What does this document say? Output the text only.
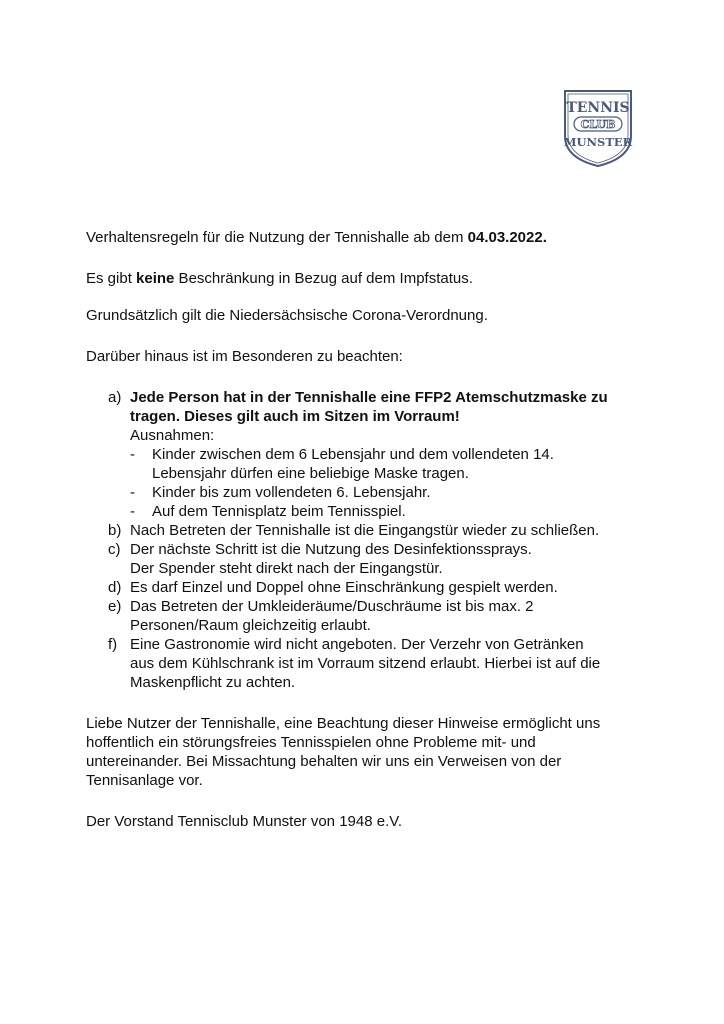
TENNIS
CLUB
MUNSTER

Verhaltensregeln für die Nutzung der Tennishalle ab dem 04.03.2022.

Es gibt keine Beschränkung in Bezug auf dem Impfstatus.

Grundsätzlich gilt die Niedersächsische Corona-Verordnung.

Darüber hinaus ist im Besonderen zu beachten:

a) Jede Person hat in der Tennishalle eine FFP2 Atemschutzmaske zu
tragen. Dieses gilt auch im Sitzen im Vorraum!
Ausnahmen:
- Kinder zwischen dem 6 Lebensjahr und dem vollendeten 14.
Lebensjahr dürfen eine beliebige Maske tragen.
- Kinder bis zum vollendeten 6. Lebensjahr.
- Auf dem Tennisplatz beim Tennisspiel.
b) Nach Betreten der Tennishalle ist die Eingangstür wieder zu schließen.
c) Der nächste Schritt ist die Nutzung des Desinfektionssprays.
Der Spender steht direkt nach der Eingangstür.
d) Es darf Einzel und Doppel ohne Einschränkung gespielt werden.
e) Das Betreten der Umkleideräume/Duschräume ist bis max. 2
Personen/Raum gleichzeitig erlaubt.
f) Eine Gastronomie wird nicht angeboten. Der Verzehr von Getränken
aus dem Kühlschrank ist im Vorraum sitzend erlaubt. Hierbei ist auf die
Maskenpflicht zu achten.

Liebe Nutzer der Tennishalle, eine Beachtung dieser Hinweise ermöglicht uns
hoffentlich ein störungsfreies Tennisspielen ohne Probleme mit- und
untereinander. Bei Missachtung behalten wir uns ein Verweisen von der
Tennisanlage vor.

Der Vorstand Tennisclub Munster von 1948 e.V.
